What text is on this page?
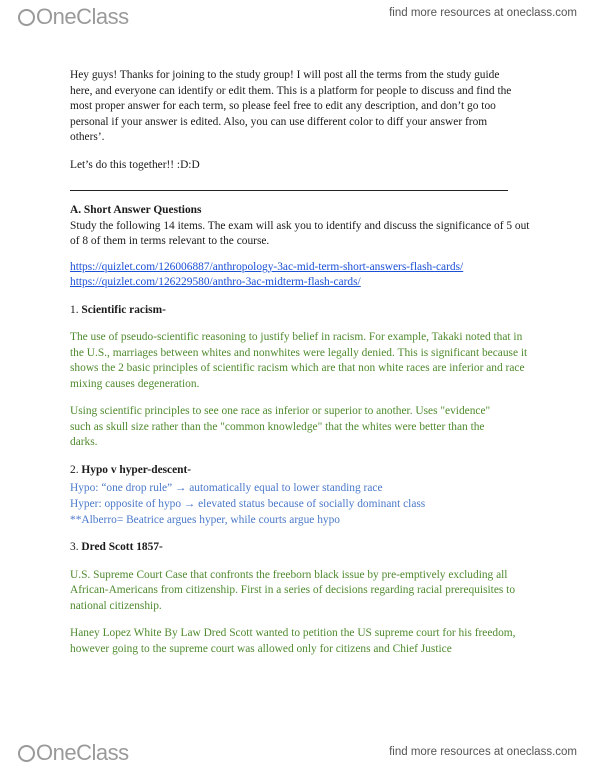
OneClass	find more resources at oneclass.com

Hey guys! Thanks for joining to the study group! I will post all the terms from the study guide here, and everyone can identify or edit them. This is a platform for people to discuss and find the most proper answer for each term, so please feel free to edit any description, and don’t go too personal if your answer is edited. Also, you can use different color to diff your answer from others’.

Let’s do this together!! :D:D

A. Short Answer Questions

Study the following 14 items. The exam will ask you to identify and discuss the significance of 5 out of 8 of them in terms relevant to the course.

https://quizlet.com/126006887/anthropology-3ac-mid-term-short-answers-flash-cards/
https://quizlet.com/126229580/anthro-3ac-midterm-flash-cards/

1. Scientific racism-

The use of pseudo-scientific reasoning to justify belief in racism. For example, Takaki noted that in the U.S., marriages between whites and nonwhites were legally denied. This is significant because it shows the 2 basic principles of scientific racism which are that non white races are inferior and race mixing causes degeneration.

Using scientific principles to see one race as inferior or superior to another. Uses "evidence" such as skull size rather than the "common knowledge" that the whites were better than the darks.

2. Hypo v hyper-descent-

Hypo: “one drop rule” → automatically equal to lower standing race

Hyper: opposite of hypo → elevated status because of socially dominant class

**Alberro= Beatrice argues hyper, while courts argue hypo

3. Dred Scott 1857-

U.S. Supreme Court Case that confronts the freeborn black issue by pre-emptively excluding all African-Americans from citizenship. First in a series of decisions regarding racial prerequisites to national citizenship.

Haney Lopez White By Law Dred Scott wanted to petition the US supreme court for his freedom, however going to the supreme court was allowed only for citizens and Chief Justice

OneClass	find more resources at oneclass.com
